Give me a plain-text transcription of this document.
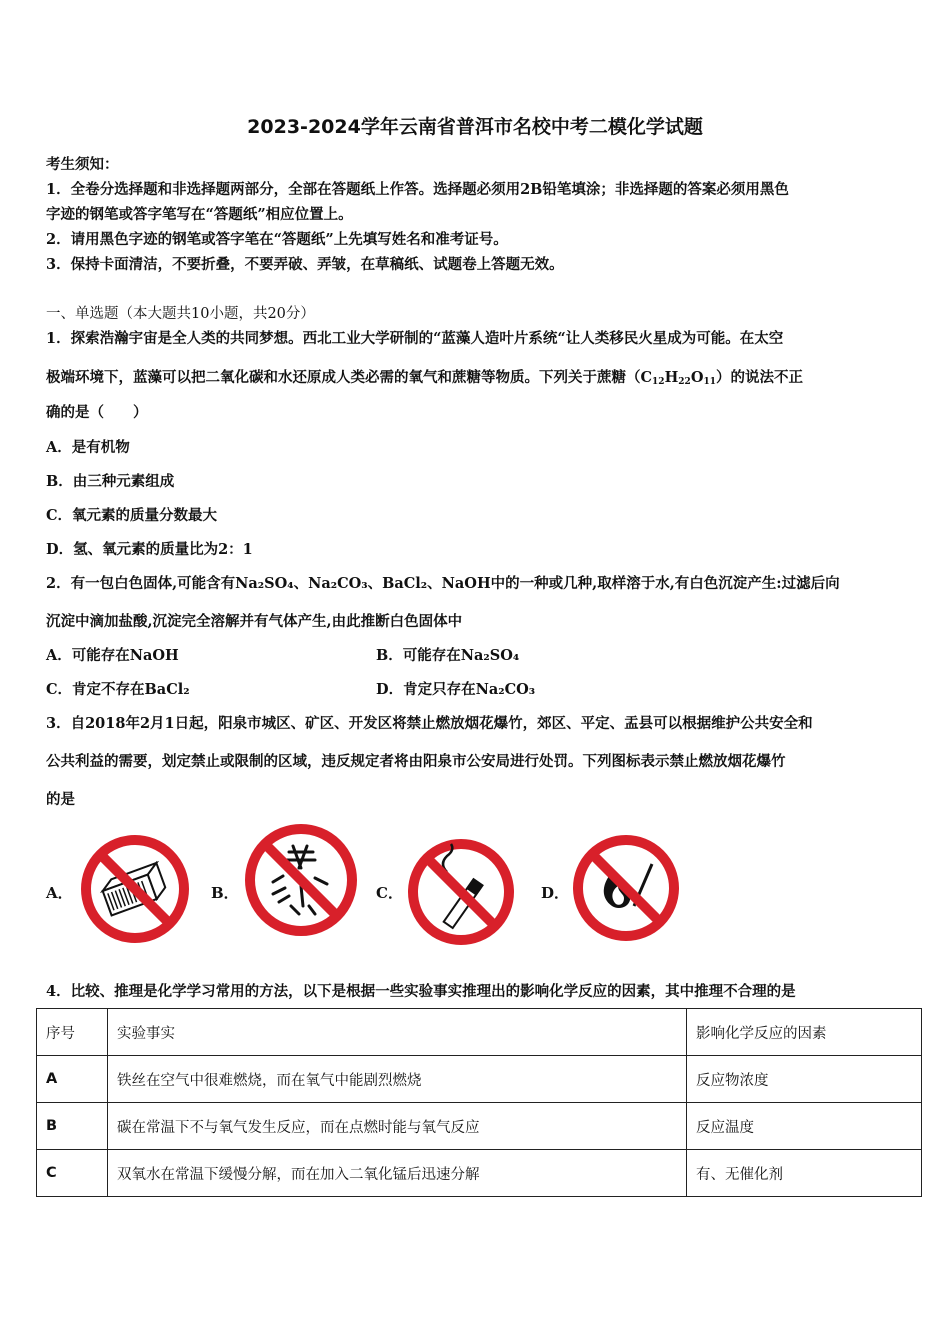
2023-2024学年云南省普洱市名校中考二模化学试题
考生须知：
1．全卷分选择题和非选择题两部分，全部在答题纸上作答。选择题必须用2B铅笔填涂；非选择题的答案必须用黑色
字迹的钢笔或答字笔写在“答题纸”相应位置上。
2．请用黑色字迹的钢笔或答字笔在“答题纸”上先填写姓名和准考证号。
3．保持卡面清洁，不要折叠，不要弄破、弄皱，在草稿纸、试题卷上答题无效。
一、单选题（本大题共10小题，共20分）
1．探索浩瀚宇宙是全人类的共同梦想。西北工业大学研制的“蓝藻人造叶片系统“让人类移民火星成为可能。在太空
极端环境下，蓝藻可以把二氧化碳和水还原成人类必需的氧气和蔗糖等物质。下列关于蔗糖$(C_{12}H_{22}O_{11})$的说法不正
确的是（　　）
A．是有机物
B．由三种元素组成
C．氧元素的质量分数最大
D．氢、氧元素的质量比为2：1
2．有一包白色固体,可能含有Na₂SO₄、Na₂CO₃、BaCl₂、NaOH中的一种或几种,取样溶于水,有白色沉淀产生:过滤后向
沉淀中滴加盐酸,沉淀完全溶解并有气体产生,由此推断白色固体中
A．可能存在NaOH	B．可能存在Na₂SO₄
C．肯定不存在BaCl₂	D．肯定只存在Na₂CO₃
3．自2018年2月1日起，阳泉市城区、矿区、开发区将禁止燃放烟花爆竹，郊区、平定、盂县可以根据维护公共安全和
公共利益的需要，划定禁止或限制的区域，违反规定者将由阳泉市公安局进行处罚。下列图标表示禁止燃放烟花爆竹
的是
A．	B．	C．	D．
4．比较、推理是化学学习常用的方法，以下是根据一些实验事实推理出的影响化学反应的因素，其中推理不合理的是
序号	实验事实	影响化学反应的因素
A	铁丝在空气中很难燃烧，而在氧气中能剧烈燃烧	反应物浓度
B	碳在常温下不与氧气发生反应，而在点燃时能与氧气反应	反应温度
C	双氧水在常温下缓慢分解，而在加入二氧化锰后迅速分解	有、无催化剂
